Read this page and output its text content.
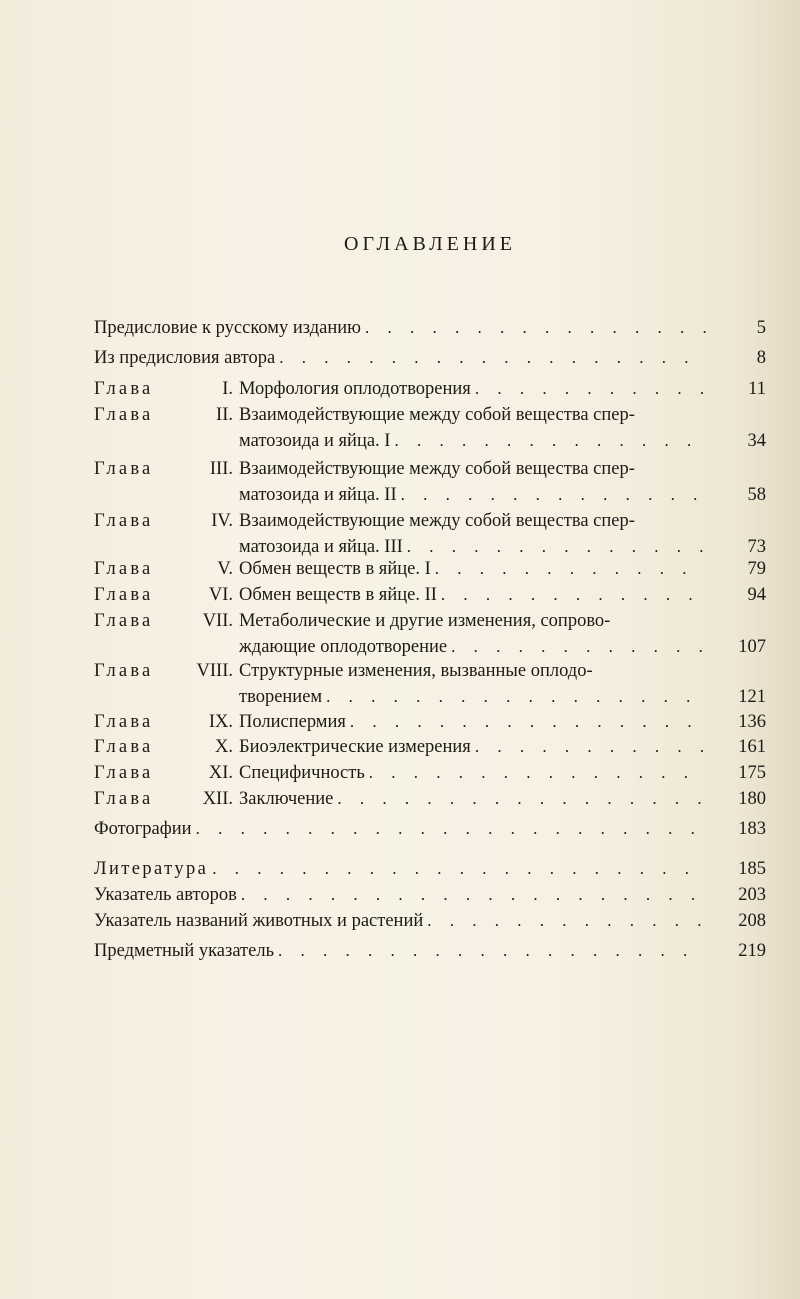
ОГЛАВЛЕНИЕ
Предисловие к русскому изданию . . .	5
Из предисловия автора . . .	8
Глава	I. Морфология оплодотворения . . .	11
Глава	II. Взаимодействующие между собой вещества спер-
матозоида и яйца. I . . .	34
Глава	III. Взаимодействующие между собой вещества спер-
матозоида и яйца. II . . .	58
Глава	IV. Взаимодействующие между собой вещества спер-
матозоида и яйца. III . . .	73
Глава	V. Обмен веществ в яйце. I . . .	79
Глава	VI. Обмен веществ в яйце. II . . .	94
Глава	VII. Метаболические и другие изменения, сопрово-
ждающие оплодотворение . . .	107
Глава VIII. Структурные изменения, вызванные оплодо-
творением . . .	121
Глава	IX. Полиспермия . . .	136
Глава	X. Биоэлектрические измерения . . .	161
Глава	XI. Специфичность . . .	175
Глава	XII. Заключение . . .	180
Фотографии . . .	183
Литература . . .	185
Указатель авторов . . .	203
Указатель названий животных и растений . . .	208
Предметный указатель . . .	219
